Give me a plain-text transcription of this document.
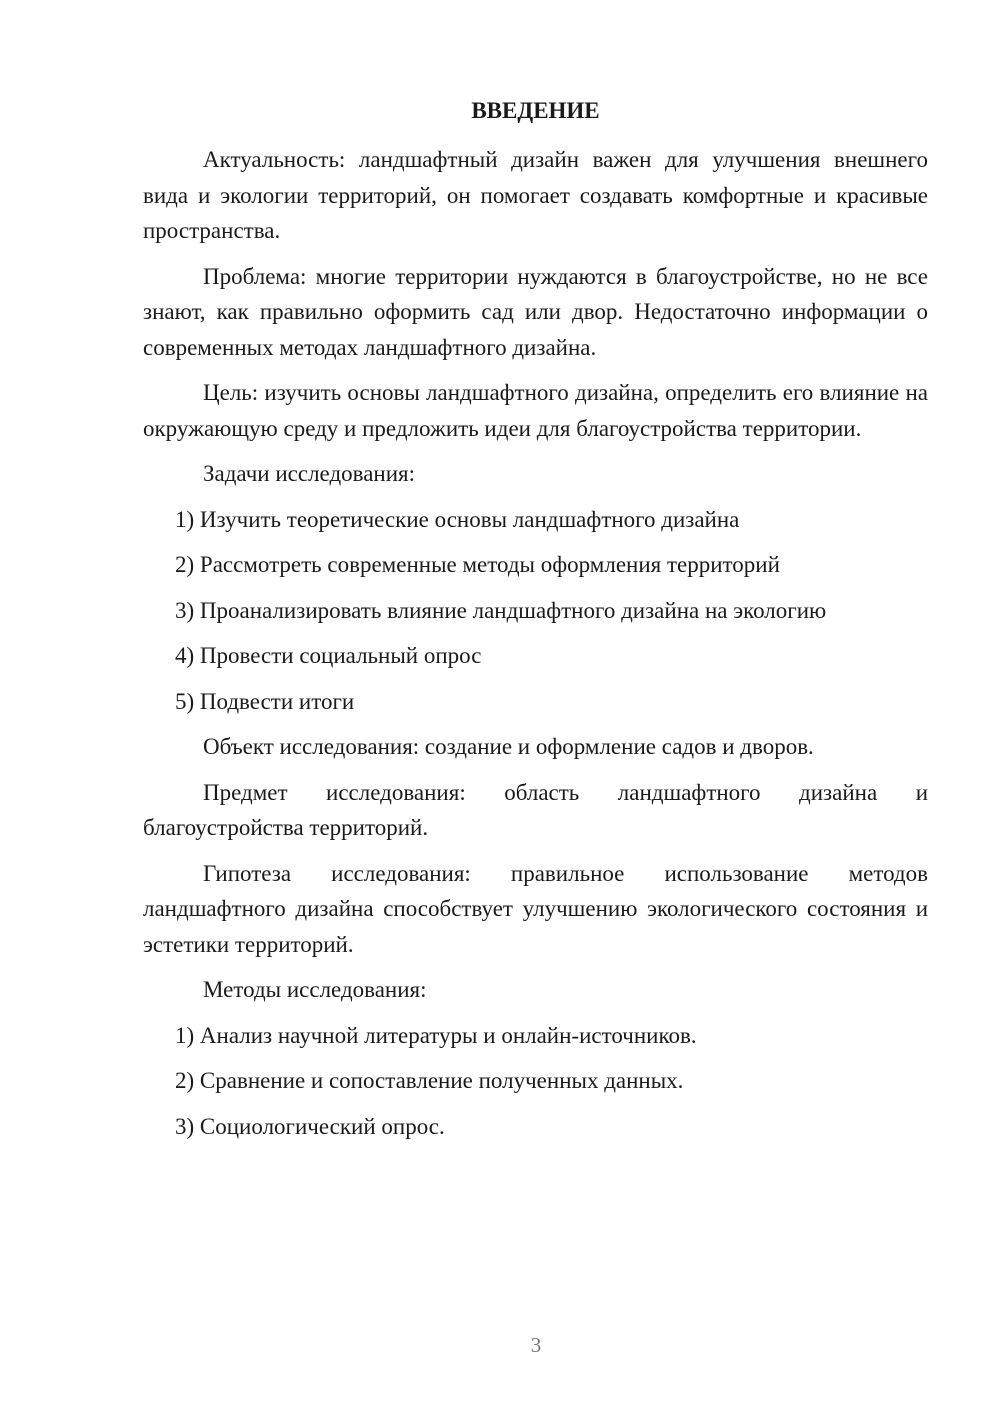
ВВЕДЕНИЕ

Актуальность: ландшафтный дизайн важен для улучшения внешнего вида и экологии территорий, он помогает создавать комфортные и красивые пространства.

Проблема: многие территории нуждаются в благоустройстве, но не все знают, как правильно оформить сад или двор. Недостаточно информации о современных методах ландшафтного дизайна.

Цель: изучить основы ландшафтного дизайна, определить его влияние на окружающую среду и предложить идеи для благоустройства территории.

Задачи исследования:

1) Изучить теоретические основы ландшафтного дизайна

2) Рассмотреть современные методы оформления территорий

3) Проанализировать влияние ландшафтного дизайна на экологию

4) Провести социальный опрос

5) Подвести итоги

Объект исследования: создание и оформление садов и дворов.

Предмет исследования: область ландшафтного дизайна и благоустройства территорий.

Гипотеза исследования: правильное использование методов ландшафтного дизайна способствует улучшению экологического состояния и эстетики территорий.

Методы исследования:

1) Анализ научной литературы и онлайн-источников.

2) Сравнение и сопоставление полученных данных.

3) Социологический опрос.

3
